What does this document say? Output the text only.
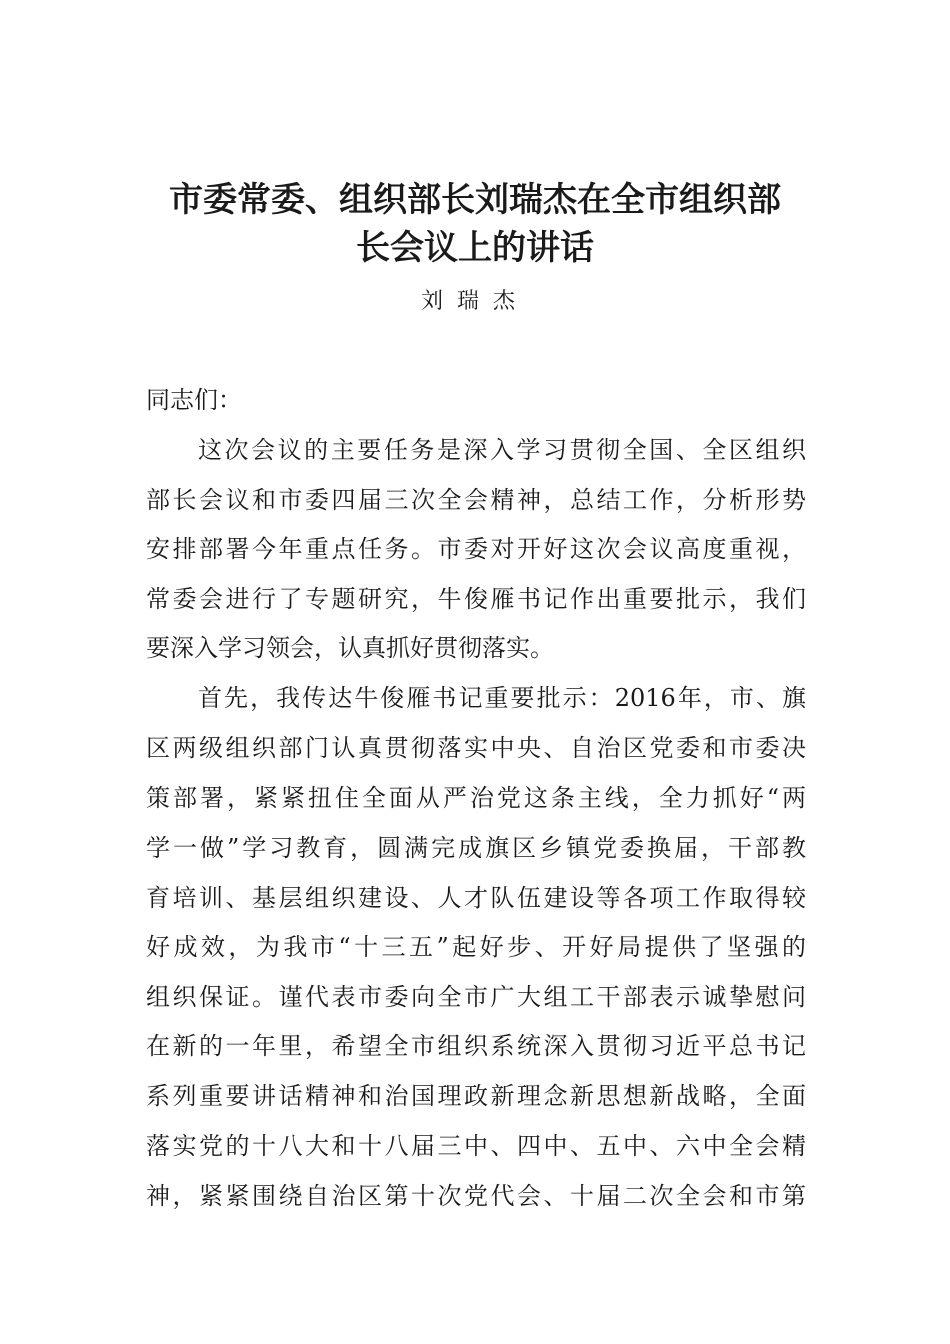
市委常委、组织部长刘瑞杰在全市组织部
长会议上的讲话
刘瑞杰
同志们：
这次会议的主要任务是深入学习贯彻全国、全区组织
部长会议和市委四届三次全会精神，总结工作，分析形势
安排部署今年重点任务。市委对开好这次会议高度重视，
常委会进行了专题研究，牛俊雁书记作出重要批示，我们
要深入学习领会，认真抓好贯彻落实。
首先，我传达牛俊雁书记重要批示：2016年，市、旗
区两级组织部门认真贯彻落实中央、自治区党委和市委决
策部署，紧紧扭住全面从严治党这条主线，全力抓好“两
学一做”学习教育，圆满完成旗区乡镇党委换届，干部教
育培训、基层组织建设、人才队伍建设等各项工作取得较
好成效，为我市“十三五”起好步、开好局提供了坚强的
组织保证。谨代表市委向全市广大组工干部表示诚挚慰问
在新的一年里，希望全市组织系统深入贯彻习近平总书记
系列重要讲话精神和治国理政新理念新思想新战略，全面
落实党的十八大和十八届三中、四中、五中、六中全会精
神，紧紧围绕自治区第十次党代会、十届二次全会和市第
